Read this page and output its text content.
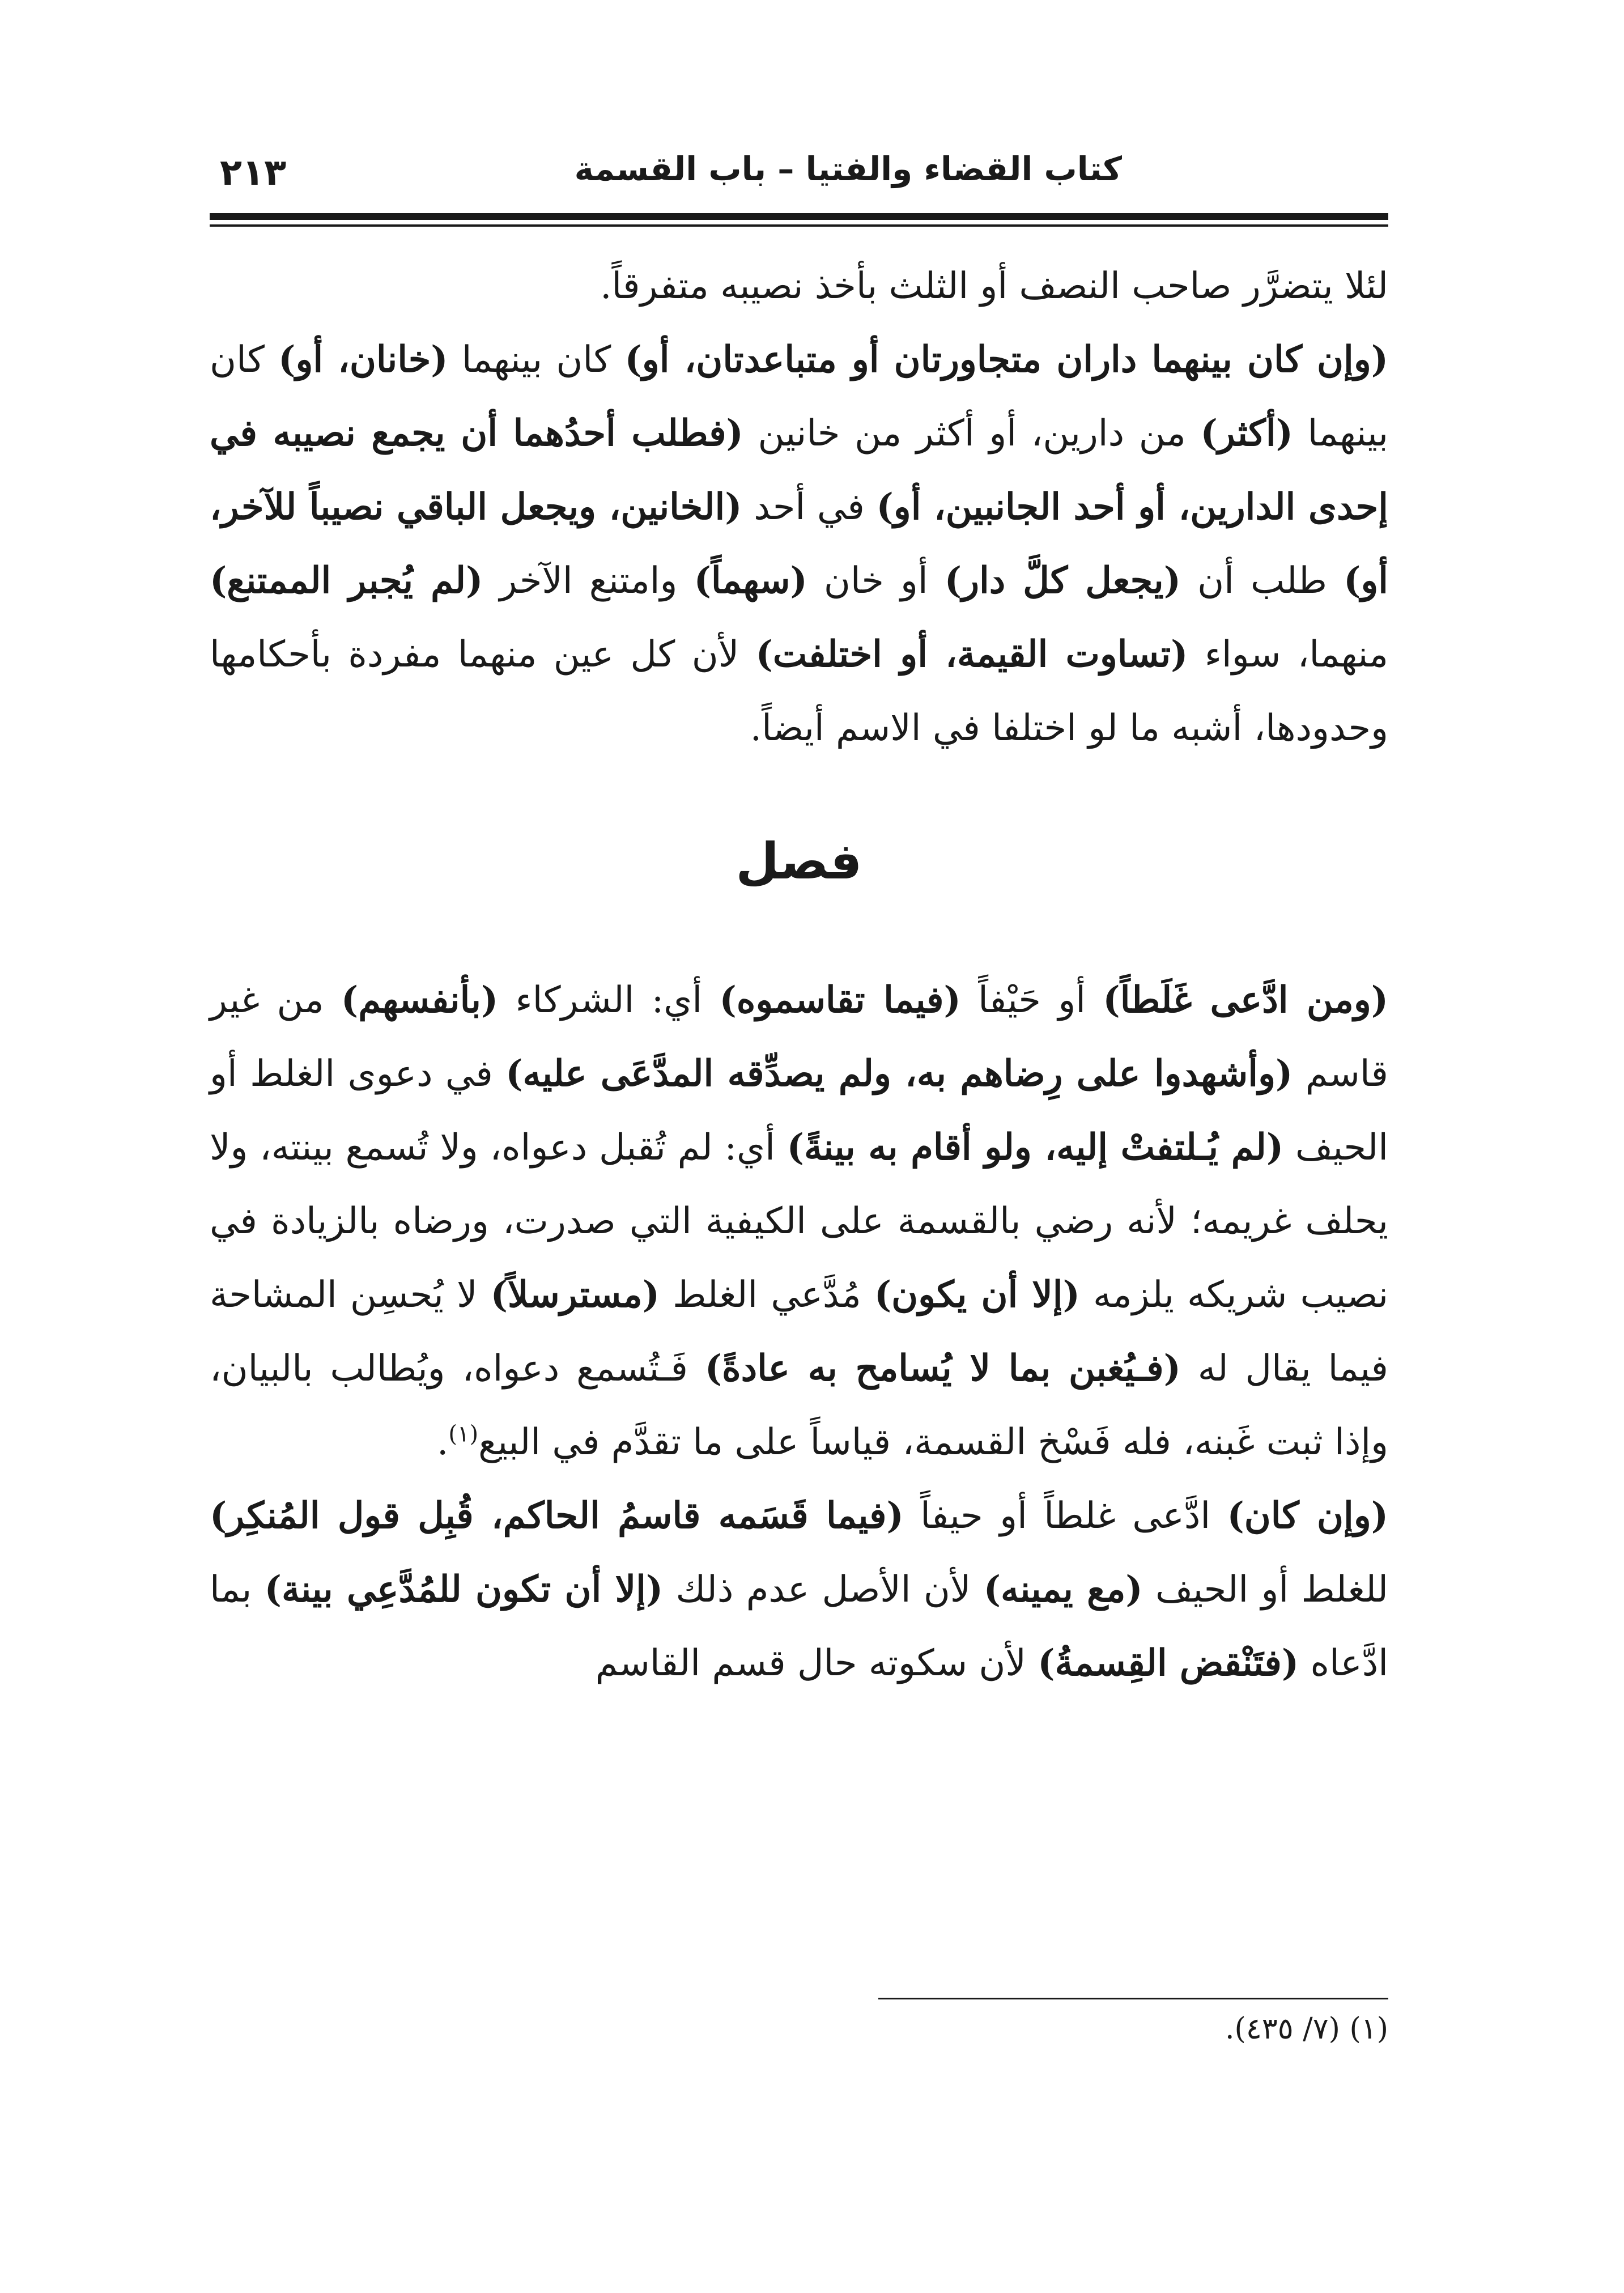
٢١٣	كتاب القضاء والفتيا – باب القسمة

لئلا يتضرَّر صاحب النصف أو الثلث بأخذ نصيبه متفرقاً.

(وإن كان بينهما داران متجاورتان أو متباعدتان، أو) كان بينهما (خانان، أو) كان بينهما (أكثر) من دارين، أو أكثر من خانين (فطلب أحدُهما أن يجمع نصيبه في إحدى الدارين، أو أحد الجانبين، أو) في أحد (الخانين، ويجعل الباقي نصيباً للآخر، أو) طلب أن (يجعل كلَّ دار) أو خان (سهماً) وامتنع الآخر (لم يُجبر الممتنع) منهما، سواء (تساوت القيمة، أو اختلفت) لأن كل عين منهما مفردة بأحكامها وحدودها، أشبه ما لو اختلفا في الاسم أيضاً.

فصل

(ومن ادَّعى غَلَطاً) أو حَيْفاً (فيما تقاسموه) أي: الشركاء (بأنفسهم) من غير قاسم (وأشهدوا على رِضاهم به، ولم يصدِّقه المدَّعَى عليه) في دعوى الغلط أو الحيف (لم يُـلتفتْ إليه، ولو أقام به بينةً) أي: لم تُقبل دعواه، ولا تُسمع بينته، ولا يحلف غريمه؛ لأنه رضي بالقسمة على الكيفية التي صدرت، ورضاه بالزيادة في نصيب شريكه يلزمه (إلا أن يكون) مُدَّعي الغلط (مسترسلاً) لا يُحسِن المشاحة فيما يقال له (فـيُغبن بما لا يُسامح به عادةً) فَـتُسمع دعواه، ويُطالب بالبيان، وإذا ثبت غَبنه، فله فَسْخ القسمة، قياساً على ما تقدَّم في البيع$^{(١)}$.

(وإن كان) ادَّعى غلطاً أو حيفاً (فيما قَسَمه قاسمُ الحاكم، قُبِل قول المُنكِر) للغلط أو الحيف (مع يمينه) لأن الأصل عدم ذلك (إلا أن تكون للمُدَّعِي بينة) بما ادَّعاه (فتَنْقض القِسمةُ) لأن سكوته حال قسم القاسم

(١) (٧/ ٤٣٥).
